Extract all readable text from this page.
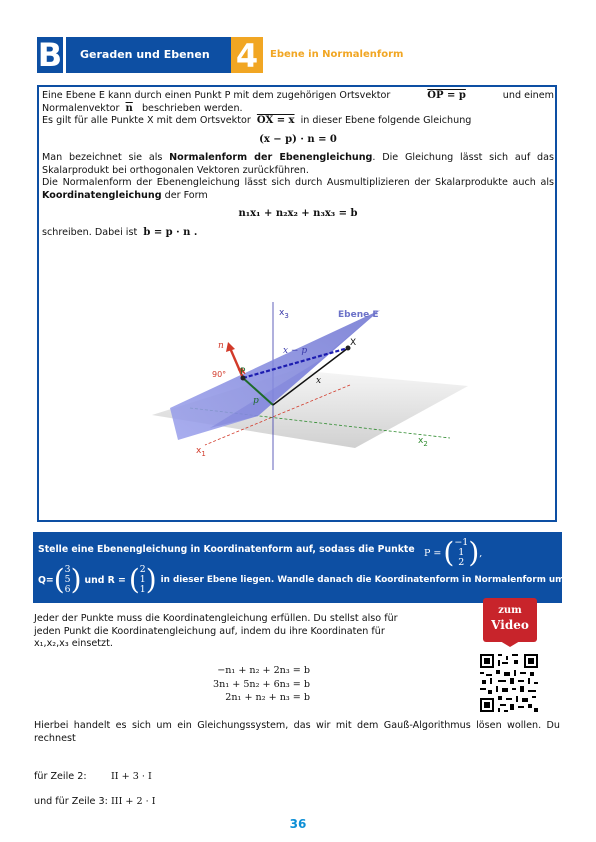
B Geraden und Ebenen 4	Ebene in Normalenform
Eine Ebene E kann durch einen Punkt P mit dem zugehörigen Ortsvektor	OP = p	und einem
Normalenvektor $\overline{n}$ beschrieben werden.
Es gilt für alle Punkte X mit dem Ortsvektor OX = x in dieser Ebene folgende Gleichung
(x − p) · n = 0
Man bezeichnet sie als Normalenform der Ebenengleichung. Die Gleichung lässt sich auf das Skalarprodukt bei orthogonalen Vektoren zurückführen.
Die Normalenform der Ebenengleichung lässt sich durch Ausmultiplizieren der Skalarprodukte auch als Koordinatengleichung der Form
n₁x₁ + n₂x₂ + n₃x₃ = b
schreiben. Dabei ist b = p · n .
$x_3$	Ebene E
n
90° P
X
x − p
p
x
$x_1$
$x_2$
Stelle eine Ebenengleichung in Koordinatenform auf, sodass die Punkte P = ( −1
1
2 ) ,
Q= ( 3
5
6 ) und R = ( 2
1
1 ) in dieser Ebene liegen. Wandle danach die Koordinatenform in Normalenform um.
Jeder der Punkte muss die Koordinatengleichung erfüllen. Du stellst also für
jeden Punkt die Koordinatengleichung auf, indem du ihre Koordinaten für
x₁,x₂,x₃ einsetzt.
−n₁ + n₂ + 2n₃ = b
3n₁ + 5n₂ + 6n₃ = b
2n₁ + n₂ + n₃ = b
zum
Video
Hierbei handelt es sich um ein Gleichungssystem, das wir mit dem Gauß-Algorithmus lösen wollen. Du rechnest
für Zeile 2:	II + 3 · I
und für Zeile 3: III + 2 · I
36
